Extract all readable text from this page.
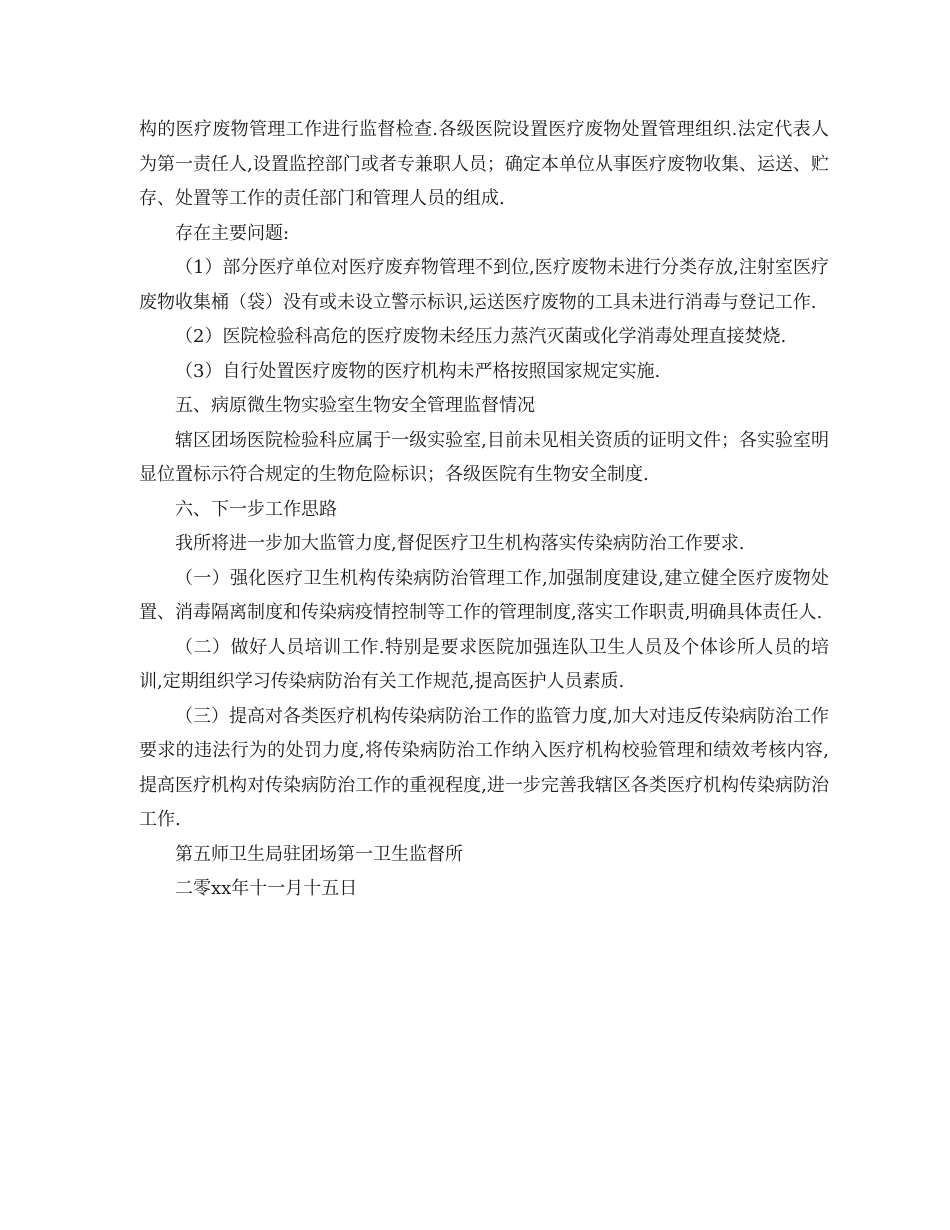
构的医疗废物管理工作进行监督检查.各级医院设置医疗废物处置管理组织.法定代表人为第一责任人,设置监控部门或者专兼职人员；确定本单位从事医疗废物收集、运送、贮存、处置等工作的责任部门和管理人员的组成.

存在主要问题:

（1）部分医疗单位对医疗废弃物管理不到位,医疗废物未进行分类存放,注射室医疗废物收集桶（袋）没有或未设立警示标识,运送医疗废物的工具未进行消毒与登记工作.

（2）医院检验科高危的医疗废物未经压力蒸汽灭菌或化学消毒处理直接焚烧.

（3）自行处置医疗废物的医疗机构未严格按照国家规定实施.

五、病原微生物实验室生物安全管理监督情况

辖区团场医院检验科应属于一级实验室,目前未见相关资质的证明文件；各实验室明显位置标示符合规定的生物危险标识；各级医院有生物安全制度.

六、下一步工作思路

我所将进一步加大监管力度,督促医疗卫生机构落实传染病防治工作要求.

（一）强化医疗卫生机构传染病防治管理工作,加强制度建设,建立健全医疗废物处置、消毒隔离制度和传染病疫情控制等工作的管理制度,落实工作职责,明确具体责任人.

（二）做好人员培训工作.特别是要求医院加强连队卫生人员及个体诊所人员的培训,定期组织学习传染病防治有关工作规范,提高医护人员素质.

（三）提高对各类医疗机构传染病防治工作的监管力度,加大对违反传染病防治工作要求的违法行为的处罚力度,将传染病防治工作纳入医疗机构校验管理和绩效考核内容,提高医疗机构对传染病防治工作的重视程度,进一步完善我辖区各类医疗机构传染病防治工作.

第五师卫生局驻团场第一卫生监督所

二零xx年十一月十五日
